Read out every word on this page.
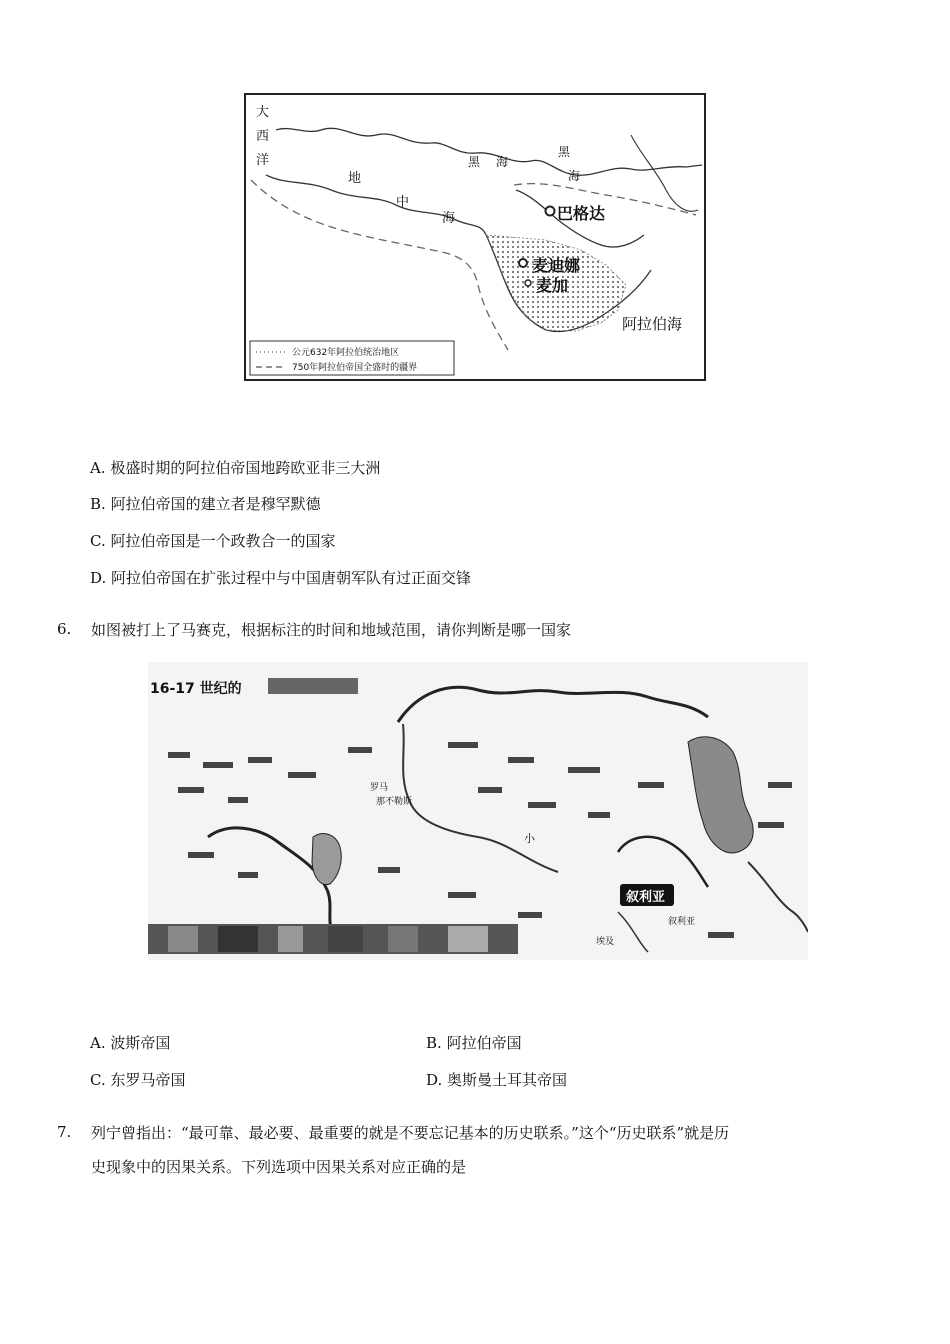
大
西
洋
地
中
海
黑 海
黑
海
巴格达
麦迪娜
麦加
阿拉伯海
公元632年阿拉伯统治地区
750年阿拉伯帝国全盛时的疆界
A. 极盛时期的阿拉伯帝国地跨欧亚非三大洲
B. 阿拉伯帝国的建立者是穆罕默德
C. 阿拉伯帝国是一个政教合一的国家
D. 阿拉伯帝国在扩张过程中与中国唐朝军队有过正面交锋
6. 如图被打上了马赛克，根据标注的时间和地域范围，请你判断是哪一国家
16-17 世纪的
叙利亚
罗马
那不勒斯
小
叙利亚
埃及
A. 波斯帝国	B. 阿拉伯帝国
C. 东罗马帝国	D. 奥斯曼土耳其帝国
7. 列宁曾指出：“最可靠、最必要、最重要的就是不要忘记基本的历史联系。”这个“历史联系”就是历
史现象中的因果关系。下列选项中因果关系对应正确的是
